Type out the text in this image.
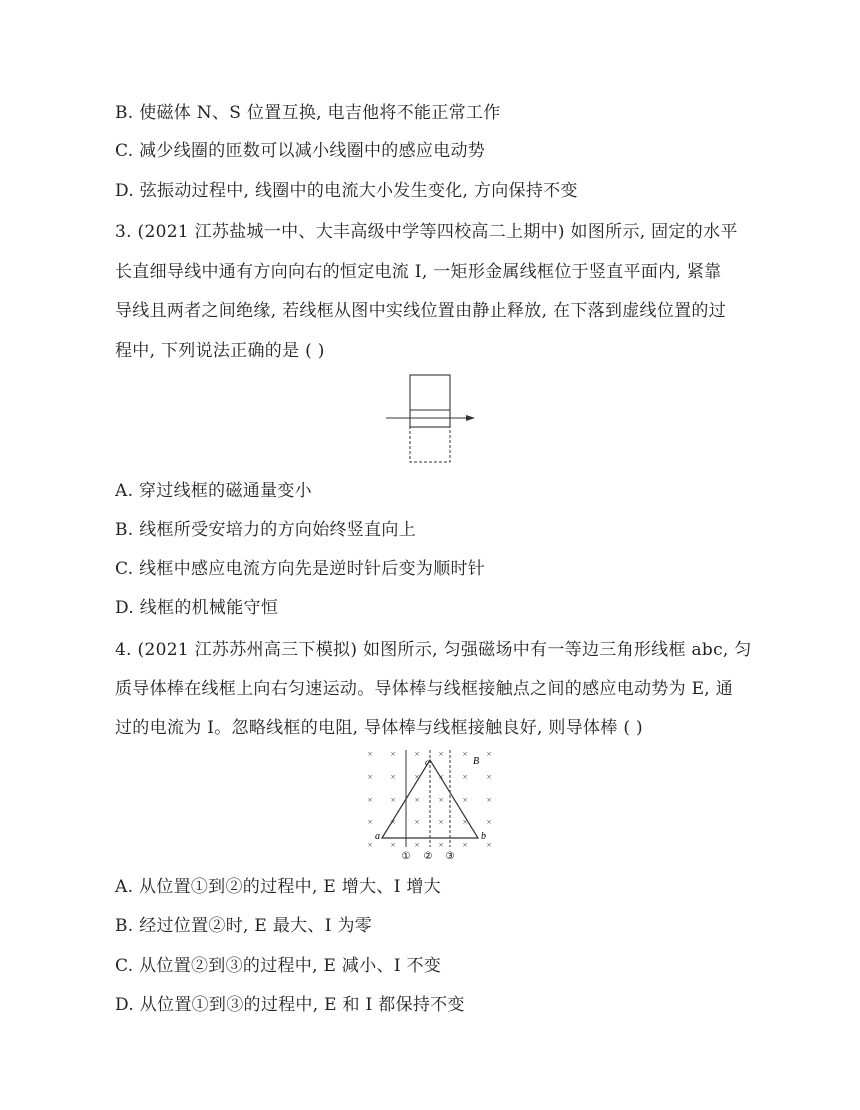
B. 使磁体 N、S 位置互换, 电吉他将不能正常工作
C. 减少线圈的匝数可以减小线圈中的感应电动势
D. 弦振动过程中, 线圈中的电流大小发生变化, 方向保持不变
3. (2021 江苏盐城一中、大丰高级中学等四校高二上期中) 如图所示, 固定的水平
长直细导线中通有方向向右的恒定电流 I, 一矩形金属线框位于竖直平面内, 紧靠
导线且两者之间绝缘, 若线框从图中实线位置由静止释放, 在下落到虚线位置的过
程中, 下列说法正确的是 ( )
A. 穿过线框的磁通量变小
B. 线框所受安培力的方向始终竖直向上
C. 线框中感应电流方向先是逆时针后变为顺时针
D. 线框的机械能守恒
4. (2021 江苏苏州高三下模拟) 如图所示, 匀强磁场中有一等边三角形线框 abc, 匀
质导体棒在线框上向右匀速运动。导体棒与线框接触点之间的感应电动势为 E, 通
过的电流为 I。忽略线框的电阻, 导体棒与线框接触良好, 则导体棒 ( )
× × × × × ×
× × × × × ×
× × × × × ×
× × × × × ×
× × × × × ×
a	b
c	B
① ② ③
A. 从位置①到②的过程中, E 增大、I 增大
B. 经过位置②时, E 最大、I 为零
C. 从位置②到③的过程中, E 减小、I 不变
D. 从位置①到③的过程中, E 和 I 都保持不变
